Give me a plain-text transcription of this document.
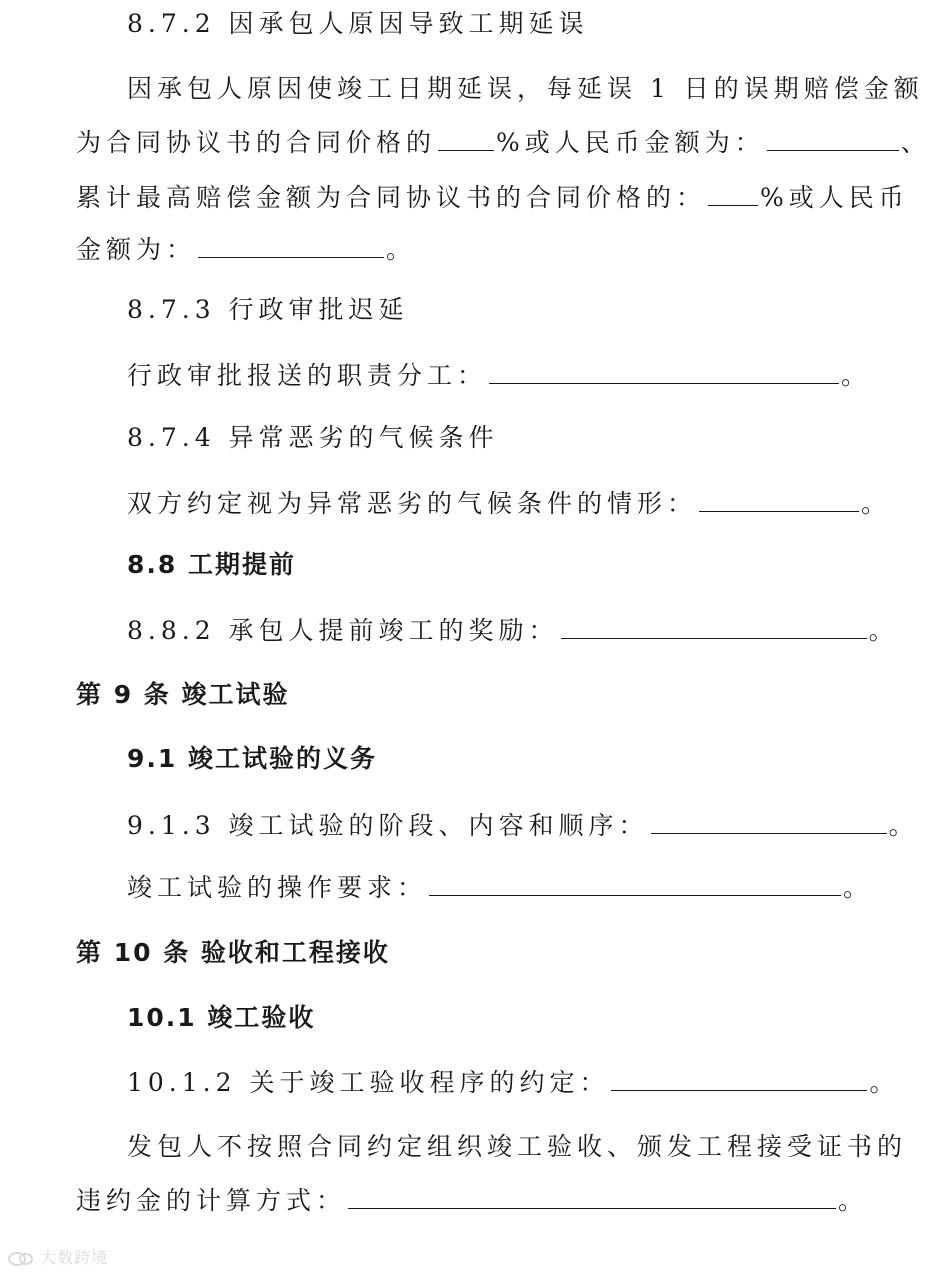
8.7.2 因承包人原因导致工期延误
因承包人原因使竣工日期延误，每延误 1 日的误期赔偿金额
为合同协议书的合同价格的 %或人民币金额为：	、
累计最高赔偿金额为合同协议书的合同价格的： %或人民币
金额为：	。
8.7.3 行政审批迟延
行政审批报送的职责分工：	。
8.7.4 异常恶劣的气候条件
双方约定视为异常恶劣的气候条件的情形：	。
8.8 工期提前
8.8.2 承包人提前竣工的奖励：	。
第 9 条 竣工试验
9.1 竣工试验的义务
9.1.3 竣工试验的阶段、内容和顺序：	。
竣工试验的操作要求：	。
第 10 条 验收和工程接收
10.1 竣工验收
10.1.2 关于竣工验收程序的约定：	。
发包人不按照合同约定组织竣工验收、颁发工程接受证书的
违约金的计算方式：	。
大数跨境
